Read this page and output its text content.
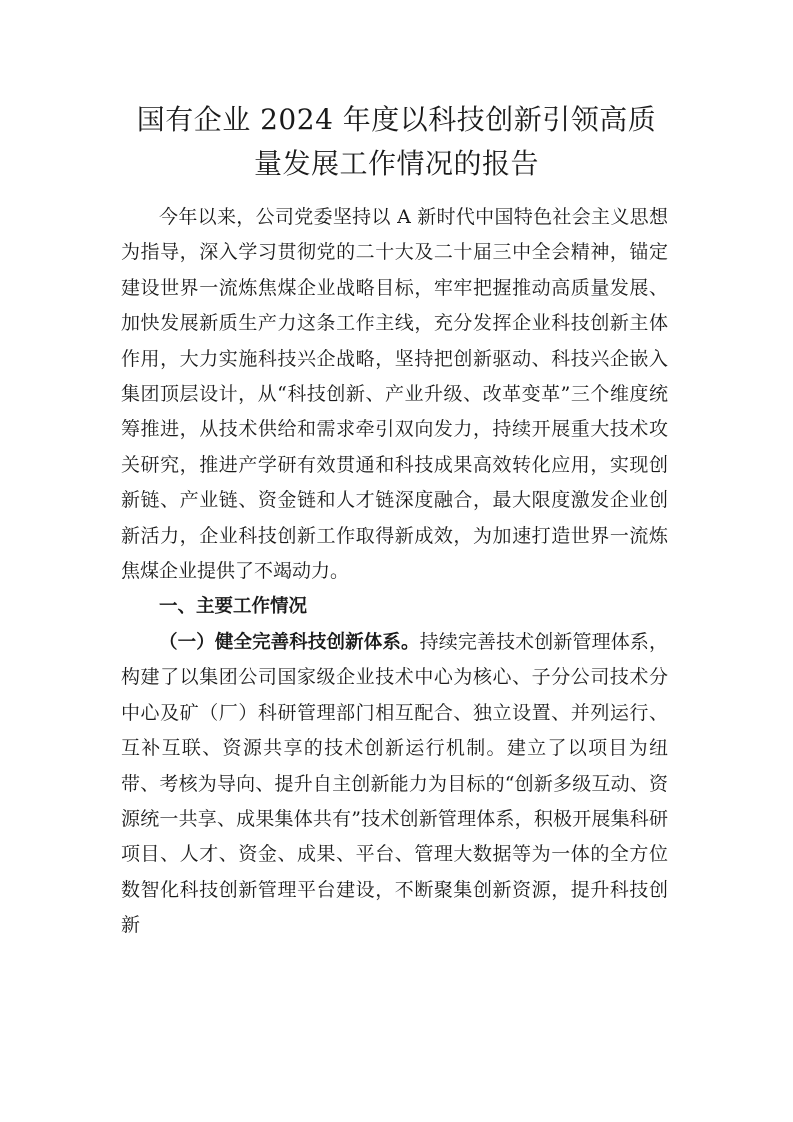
国有企业 2024 年度以科技创新引领高质
量发展工作情况的报告

今年以来，公司党委坚持以 A 新时代中国特色社会主义思想为指导，深入学习贯彻党的二十大及二十届三中全会精神，锚定建设世界一流炼焦煤企业战略目标，牢牢把握推动高质量发展、加快发展新质生产力这条工作主线，充分发挥企业科技创新主体作用，大力实施科技兴企战略，坚持把创新驱动、科技兴企嵌入集团顶层设计，从“科技创新、产业升级、改革变革”三个维度统筹推进，从技术供给和需求牵引双向发力，持续开展重大技术攻关研究，推进产学研有效贯通和科技成果高效转化应用，实现创新链、产业链、资金链和人才链深度融合，最大限度激发企业创新活力，企业科技创新工作取得新成效，为加速打造世界一流炼焦煤企业提供了不竭动力。

一、主要工作情况

（一）健全完善科技创新体系。持续完善技术创新管理体系，构建了以集团公司国家级企业技术中心为核心、子分公司技术分中心及矿（厂）科研管理部门相互配合、独立设置、并列运行、互补互联、资源共享的技术创新运行机制。建立了以项目为纽带、考核为导向、提升自主创新能力为目标的“创新多级互动、资源统一共享、成果集体共有”技术创新管理体系，积极开展集科研项目、人才、资金、成果、平台、管理大数据等为一体的全方位数智化科技创新管理平台建设，不断聚集创新资源，提升科技创新
